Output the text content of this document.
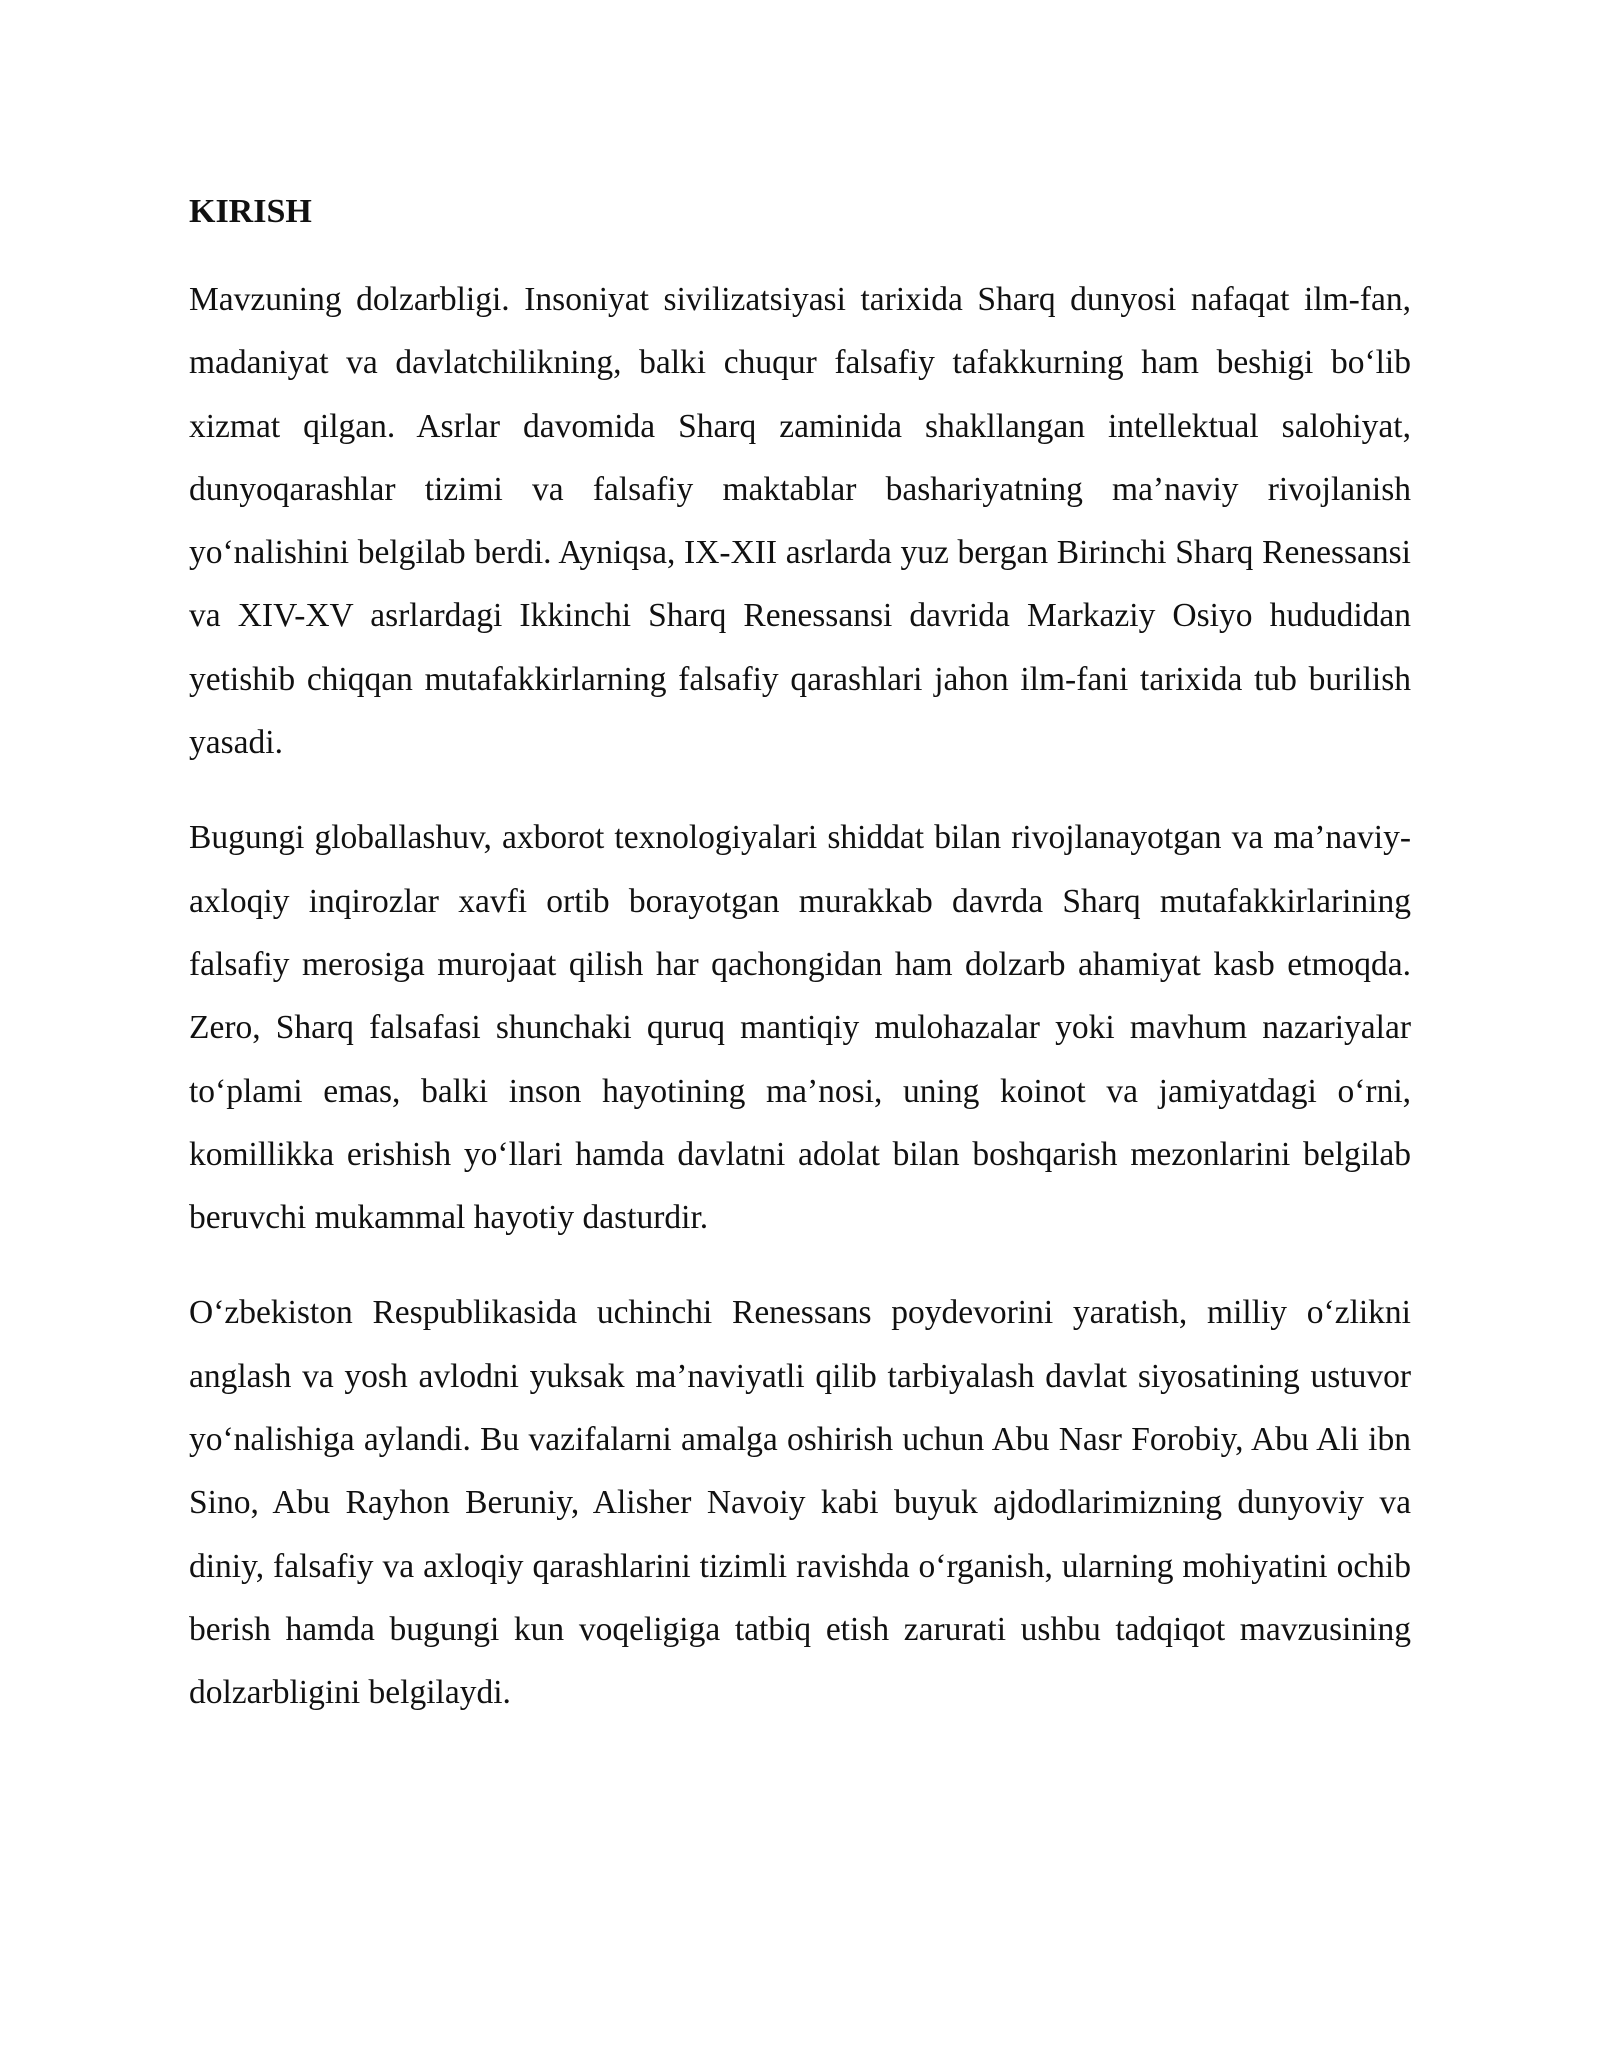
KIRISH

Mavzuning dolzarbligi. Insoniyat sivilizatsiyasi tarixida Sharq dunyosi nafaqat ilm-fan, madaniyat va davlatchilikning, balki chuqur falsafiy tafakkurning ham beshigi bo‘lib xizmat qilgan. Asrlar davomida Sharq zaminida shakllangan intellektual salohiyat, dunyoqarashlar tizimi va falsafiy maktablar bashariyatning ma’naviy rivojlanish yo‘nalishini belgilab berdi. Ayniqsa, IX-XII asrlarda yuz bergan Birinchi Sharq Renessansi va XIV-XV asrlardagi Ikkinchi Sharq Renessansi davrida Markaziy Osiyo hududidan yetishib chiqqan mutafakkirlarning falsafiy qarashlari jahon ilm-fani tarixida tub burilish yasadi.

Bugungi globallashuv, axborot texnologiyalari shiddat bilan rivojlanayotgan va ma’naviy-axloqiy inqirozlar xavfi ortib borayotgan murakkab davrda Sharq mutafakkirlarining falsafiy merosiga murojaat qilish har qachongidan ham dolzarb ahamiyat kasb etmoqda. Zero, Sharq falsafasi shunchaki quruq mantiqiy mulohazalar yoki mavhum nazariyalar to‘plami emas, balki inson hayotining ma’nosi, uning koinot va jamiyatdagi o‘rni, komillikka erishish yo‘llari hamda davlatni adolat bilan boshqarish mezonlarini belgilab beruvchi mukammal hayotiy dasturdir.

O‘zbekiston Respublikasida uchinchi Renessans poydevorini yaratish, milliy o‘zlikni anglash va yosh avlodni yuksak ma’naviyatli qilib tarbiyalash davlat siyosatining ustuvor yo‘nalishiga aylandi. Bu vazifalarni amalga oshirish uchun Abu Nasr Forobiy, Abu Ali ibn Sino, Abu Rayhon Beruniy, Alisher Navoiy kabi buyuk ajdodlarimizning dunyoviy va diniy, falsafiy va axloqiy qarashlarini tizimli ravishda o‘rganish, ularning mohiyatini ochib berish hamda bugungi kun voqeligiga tatbiq etish zarurati ushbu tadqiqot mavzusining dolzarbligini belgilaydi.
